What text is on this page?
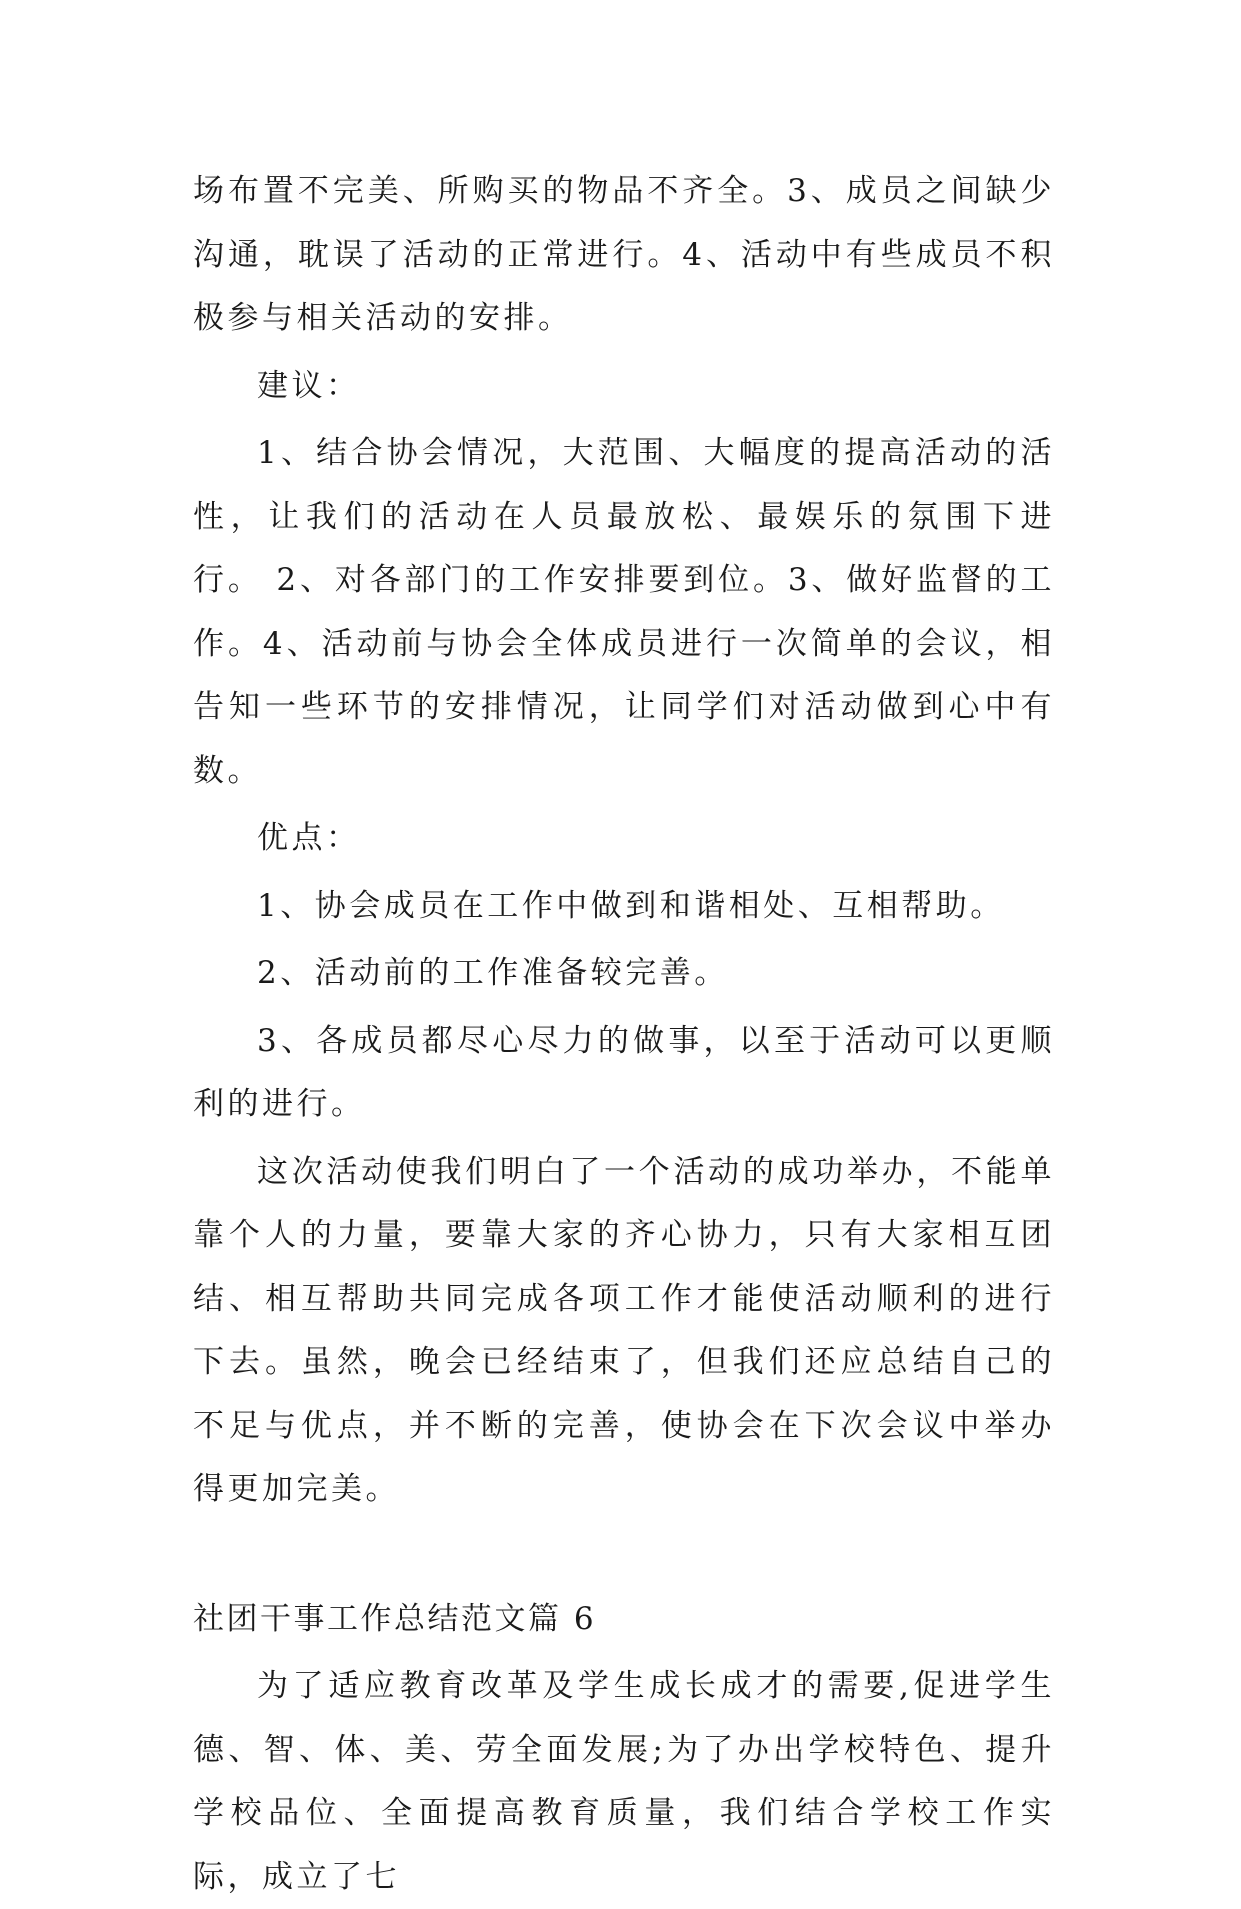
场布置不完美、所购买的物品不齐全。3、成员之间缺少沟通，耽误了活动的正常进行。4、活动中有些成员不积极参与相关活动的安排。

建议：

1、结合协会情况，大范围、大幅度的提高活动的活性，让我们的活动在人员最放松、最娱乐的氛围下进行。 2、对各部门的工作安排要到位。3、做好监督的工作。4、活动前与协会全体成员进行一次简单的会议，相告知一些环节的安排情况，让同学们对活动做到心中有数。

优点：

1、协会成员在工作中做到和谐相处、互相帮助。

2、活动前的工作准备较完善。

3、各成员都尽心尽力的做事，以至于活动可以更顺利的进行。

这次活动使我们明白了一个活动的成功举办，不能单靠个人的力量，要靠大家的齐心协力，只有大家相互团结、相互帮助共同完成各项工作才能使活动顺利的进行下去。虽然，晚会已经结束了，但我们还应总结自己的不足与优点，并不断的完善，使协会在下次会议中举办得更加完美。

社团干事工作总结范文篇 6

为了适应教育改革及学生成长成才的需要,促进学生德、智、体、美、劳全面发展;为了办出学校特色、提升学校品位、全面提高教育质量，我们结合学校工作实际，成立了七
